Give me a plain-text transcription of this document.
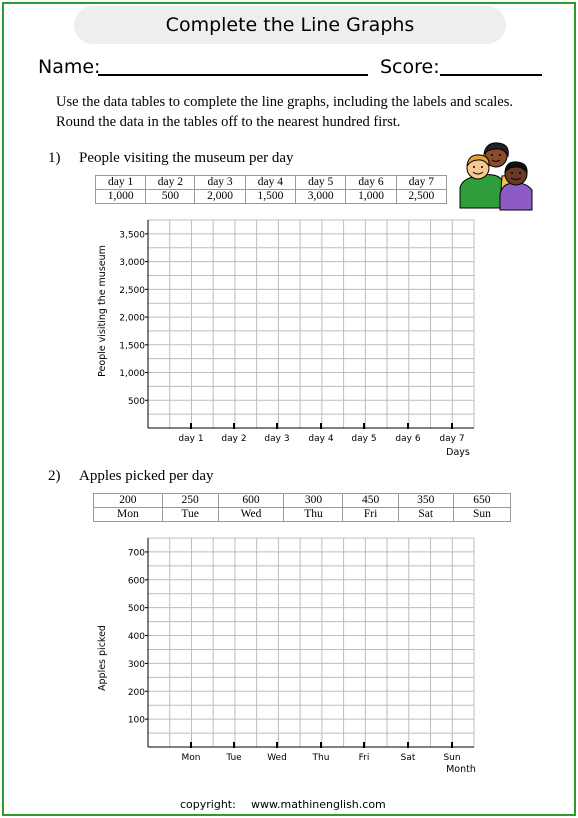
Complete the Line Graphs
Name:	Score:
Use the data tables to complete the line graphs, including the labels and scales.
Round the data in the tables off to the nearest hundred first.
1) People visiting the museum per day
day 1	day 2	day 3	day 4	day 5	day 6	day 7
1,000	500	2,000	1,500	3,000	1,000	2,500
500
1,000
1,500
2,000
2,500
3,000
3,500
day 1 day 2 day 3 day 4 day 5 day 6 day 7
Days
People visiting the museum
2) Apples picked per day
200	250	600	300	450	350	650
Mon	Tue	Wed	Thu	Fri	Sat	Sun
100
200
300
400
500
600
700
Mon	Tue	Wed	Thu	Fri	Sat	Sun
Month
Apples picked
copyright: www.mathinenglish.com
